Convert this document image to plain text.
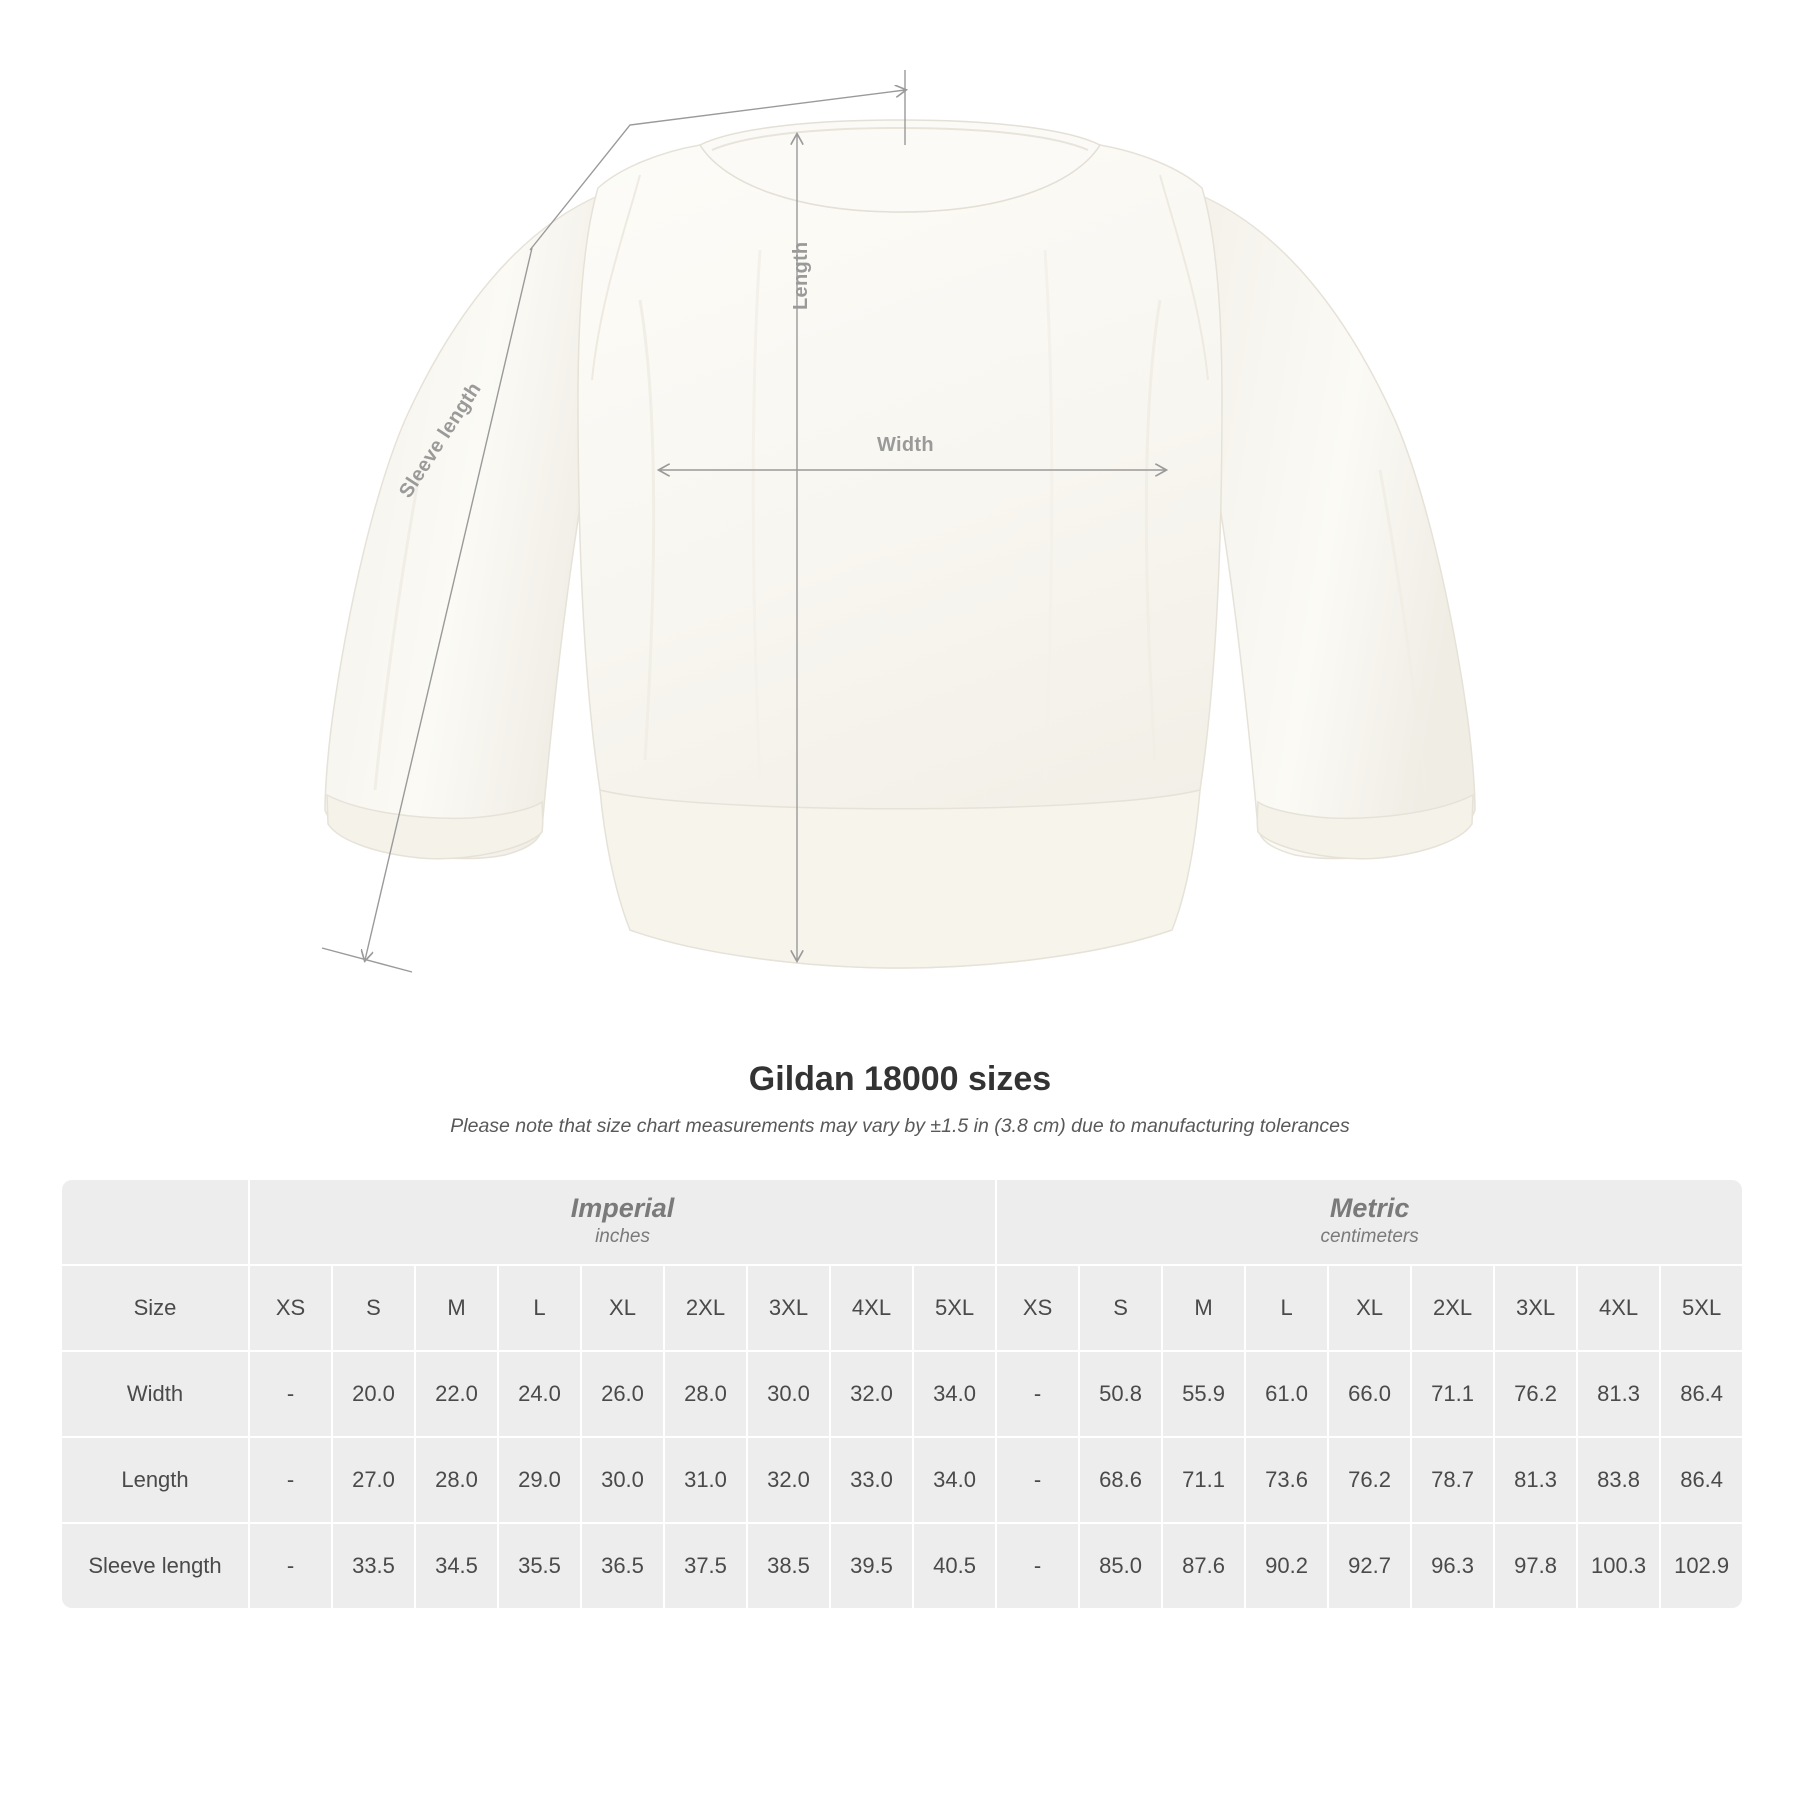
Width
Length
Sleeve length
Gildan 18000 sizes

Please note that size chart measurements may vary by ±1.5 in (3.8 cm) due to manufacturing tolerances

	Imperial
inches									Metric
centimeters								

Size	XS	S	M	L	XL	2XL	3XL	4XL	5XL	XS	S	M	L	XL	2XL	3XL	4XL	5XL
Width	-	20.0	22.0	24.0	26.0	28.0	30.0	32.0	34.0	-	50.8	55.9	61.0	66.0	71.1	76.2	81.3	86.4
Length	-	27.0	28.0	29.0	30.0	31.0	32.0	33.0	34.0	-	68.6	71.1	73.6	76.2	78.7	81.3	83.8	86.4
Sleeve length	-	33.5	34.5	35.5	36.5	37.5	38.5	39.5	40.5	-	85.0	87.6	90.2	92.7	96.3	97.8	100.3	102.9
